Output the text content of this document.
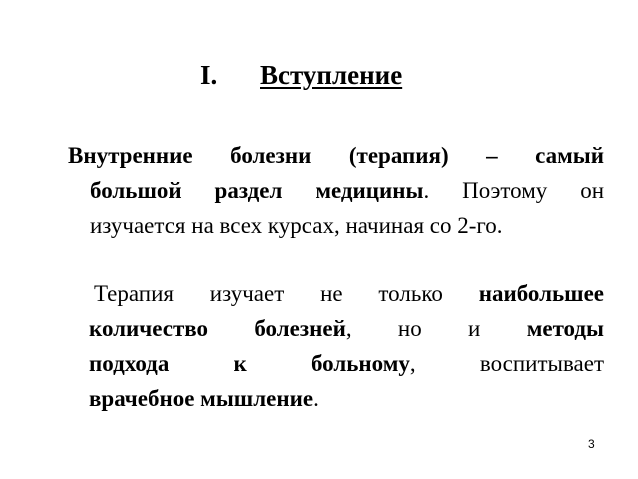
I. Вступление
Внутренние болезни (терапия) – самый
большой раздел медицины. Поэтому он
изучается на всех курсах, начиная со 2-го.
Терапия изучает не только наибольшее
количество болезней, но и методы
подхода к больному, воспитывает
врачебное мышление.
3
